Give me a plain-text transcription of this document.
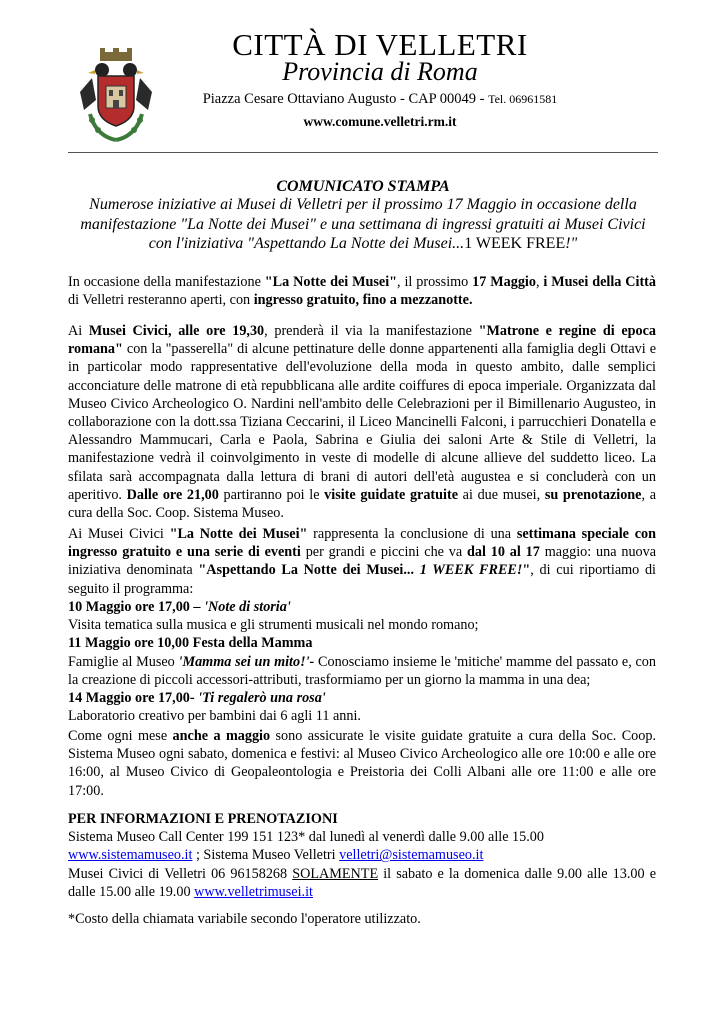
CITTÀ DI VELLETRI
Provincia di Roma
Piazza Cesare Ottaviano Augusto - CAP 00049 - Tel. 06961581
www.comune.velletri.rm.it
COMUNICATO STAMPA
Numerose iniziative ai Musei di Velletri per il prossimo 17 Maggio in occasione della manifestazione "La Notte dei Musei" e una settimana di ingressi gratuiti ai Musei Civici con l'iniziativa "Aspettando La Notte dei Musei...1 WEEK FREE!"
In occasione della manifestazione "La Notte dei Musei", il prossimo 17 Maggio, i Musei della Città di Velletri resteranno aperti, con ingresso gratuito, fino a mezzanotte.
Ai Musei Civici, alle ore 19,30, prenderà il via la manifestazione "Matrone e regine di epoca romana" con la "passerella" di alcune pettinature delle donne appartenenti alla famiglia degli Ottavi e in particolar modo rappresentative dell'evoluzione della moda in questo ambito, dalle semplici acconciature delle matrone di età repubblicana alle ardite coiffures di epoca imperiale. Organizzata dal Museo Civico Archeologico O. Nardini nell'ambito delle Celebrazioni per il Bimillenario Augusteo, in collaborazione con la dott.ssa Tiziana Ceccarini, il Liceo Mancinelli Falconi, i parrucchieri Donatella e Alessandro Mammucari, Carla e Paola, Sabrina e Giulia dei saloni Arte & Stile di Velletri, la manifestazione vedrà il coinvolgimento in veste di modelle di alcune allieve del suddetto liceo. La sfilata sarà accompagnata dalla lettura di brani di autori dell'età augustea e si concluderà con un aperitivo. Dalle ore 21,00 partiranno poi le visite guidate gratuite ai due musei, su prenotazione, a cura della Soc. Coop. Sistema Museo.
Ai Musei Civici "La Notte dei Musei" rappresenta la conclusione di una settimana speciale con ingresso gratuito e una serie di eventi per grandi e piccini che va dal 10 al 17 maggio: una nuova iniziativa denominata "Aspettando La Notte dei Musei... 1 WEEK FREE!", di cui riportiamo di seguito il programma:

10 Maggio ore 17,00 – 'Note di storia'

Visita tematica sulla musica e gli strumenti musicali nel mondo romano;

11 Maggio ore 10,00 Festa della Mamma

Famiglie al Museo 'Mamma sei un mito!'- Conosciamo insieme le 'mitiche' mamme del passato e, con la creazione di piccoli accessori-attributi, trasformiamo per un giorno la mamma in una dea;

14 Maggio ore 17,00- 'Ti regalerò una rosa'

Laboratorio creativo per bambini dai 6 agli 11 anni.

Come ogni mese anche a maggio sono assicurate le visite guidate gratuite a cura della Soc. Coop. Sistema Museo ogni sabato, domenica e festivi: al Museo Civico Archeologico alle ore 10:00 e alle ore 16:00, al Museo Civico di Geopaleontologia e Preistoria dei Colli Albani alle ore 11:00 e alle ore 17:00.

PER INFORMAZIONI E PRENOTAZIONI

Sistema Museo Call Center 199 151 123* dal lunedì al venerdì dalle 9.00 alle 15.00

www.sistemamuseo.it ; Sistema Museo Velletri velletri@sistemamuseo.it

Musei Civici di Velletri 06 96158268 SOLAMENTE il sabato e la domenica dalle 9.00 alle 13.00 e dalle 15.00 alle 19.00 www.velletrimusei.it

*Costo della chiamata variabile secondo l'operatore utilizzato.
